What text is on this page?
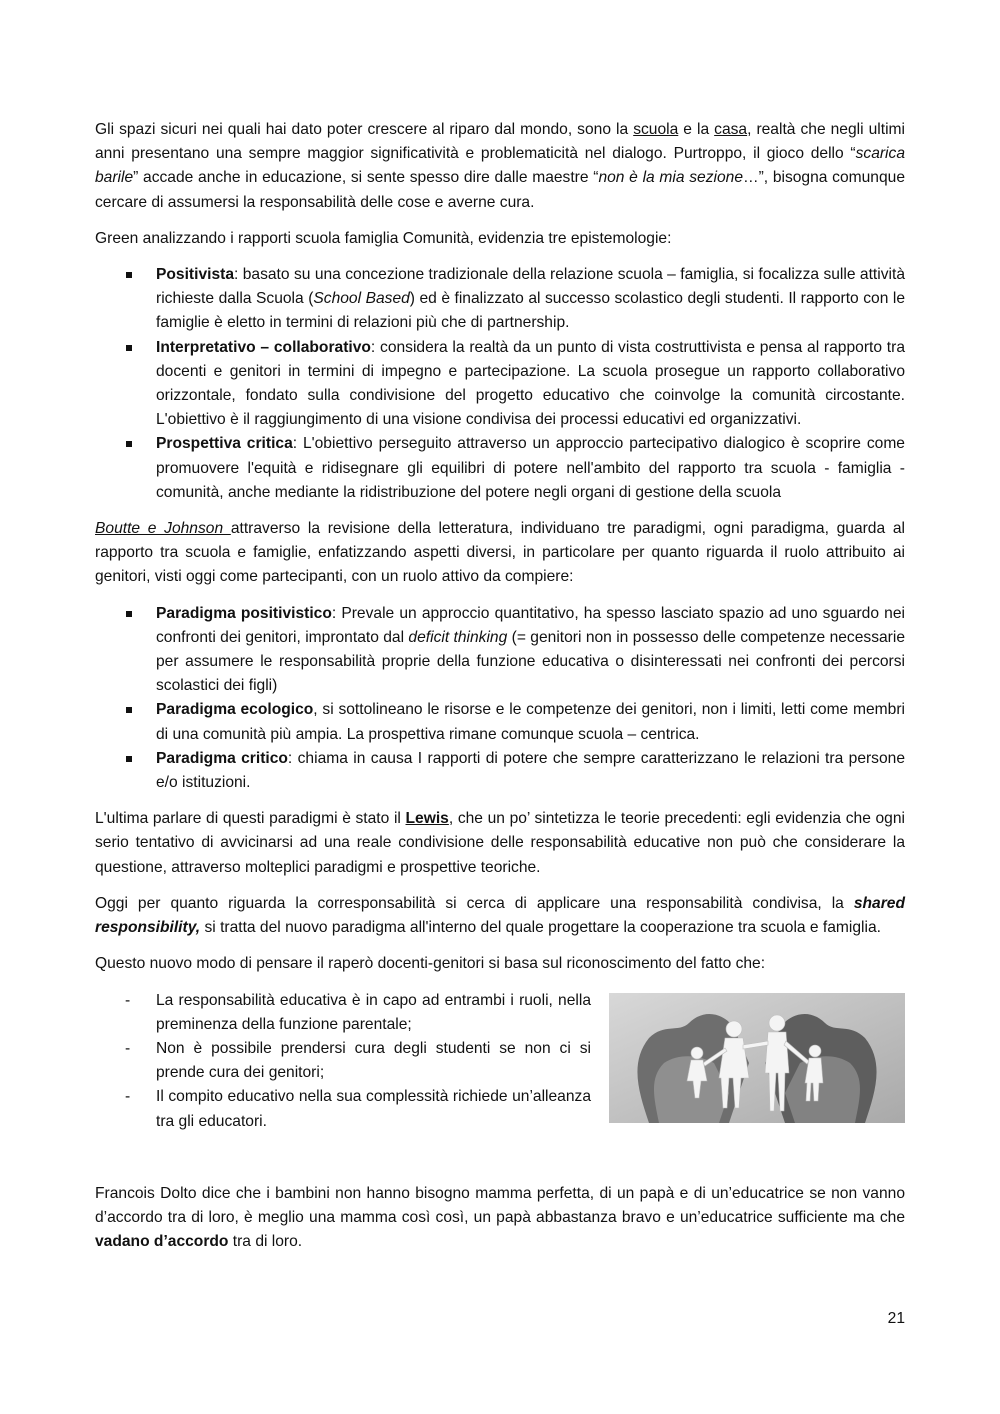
Gli spazi sicuri nei quali hai dato poter crescere al riparo dal mondo, sono la scuola e la casa, realtà che negli ultimi anni presentano una sempre maggior significatività e problematicità nel dialogo. Purtroppo, il gioco dello “scarica barile” accade anche in educazione, si sente spesso dire dalle maestre “non è la mia sezione…”, bisogna comunque cercare di assumersi la responsabilità delle cose e averne cura.

Green analizzando i rapporti scuola famiglia Comunità, evidenzia tre epistemologie:

Positivista: basato su una concezione tradizionale della relazione scuola – famiglia, si focalizza sulle attività richieste dalla Scuola (School Based) ed è finalizzato al successo scolastico degli studenti. Il rapporto con le famiglie è eletto in termini di relazioni più che di partnership.
Interpretativo – collaborativo: considera la realtà da un punto di vista costruttivista e pensa al rapporto tra docenti e genitori in termini di impegno e partecipazione. La scuola prosegue un rapporto collaborativo orizzontale, fondato sulla condivisione del progetto educativo che coinvolge la comunità circostante. L'obiettivo è il raggiungimento di una visione condivisa dei processi educativi ed organizzativi.
Prospettiva critica: L'obiettivo perseguito attraverso un approccio partecipativo dialogico è scoprire come promuovere l'equità e ridisegnare gli equilibri di potere nell'ambito del rapporto tra scuola - famiglia - comunità, anche mediante la ridistribuzione del potere negli organi di gestione della scuola

Boutte e Johnson attraverso la revisione della letteratura, individuano tre paradigmi, ogni paradigma, guarda al rapporto tra scuola e famiglie, enfatizzando aspetti diversi, in particolare per quanto riguarda il ruolo attribuito ai genitori, visti oggi come partecipanti, con un ruolo attivo da compiere:

Paradigma positivistico: Prevale un approccio quantitativo, ha spesso lasciato spazio ad uno sguardo nei confronti dei genitori, improntato dal deficit thinking (= genitori non in possesso delle competenze necessarie per assumere le responsabilità proprie della funzione educativa o disinteressati nei confronti dei percorsi scolastici dei figli)
Paradigma ecologico, si sottolineano le risorse e le competenze dei genitori, non i limiti, letti come membri di una comunità più ampia. La prospettiva rimane comunque scuola – centrica.
Paradigma critico: chiama in causa I rapporti di potere che sempre caratterizzano le relazioni tra persone e/o istituzioni.

L'ultima parlare di questi paradigmi è stato il Lewis, che un po’ sintetizza le teorie precedenti: egli evidenzia che ogni serio tentativo di avvicinarsi ad una reale condivisione delle responsabilità educative non può che considerare la questione, attraverso molteplici paradigmi e prospettive teoriche.

Oggi per quanto riguarda la corresponsabilità si cerca di applicare una responsabilità condivisa, la shared responsibility, si tratta del nuovo paradigma all'interno del quale progettare la cooperazione tra scuola e famiglia.

Questo nuovo modo di pensare il raperò docenti-genitori si basa sul riconoscimento del fatto che:

- La responsabilità educativa è in capo ad entrambi i ruoli, nella preminenza della funzione parentale;
- Non è possibile prendersi cura degli studenti se non ci si prende cura dei genitori;
- Il compito educativo nella sua complessità richiede un’alleanza tra gli educatori.

Francois Dolto dice che i bambini non hanno bisogno mamma perfetta, di un papà e di un’educatrice se non vanno d’accordo tra di loro, è meglio una mamma così così, un papà abbastanza bravo e un’educatrice sufficiente ma che vadano d’accordo tra di loro.

21
